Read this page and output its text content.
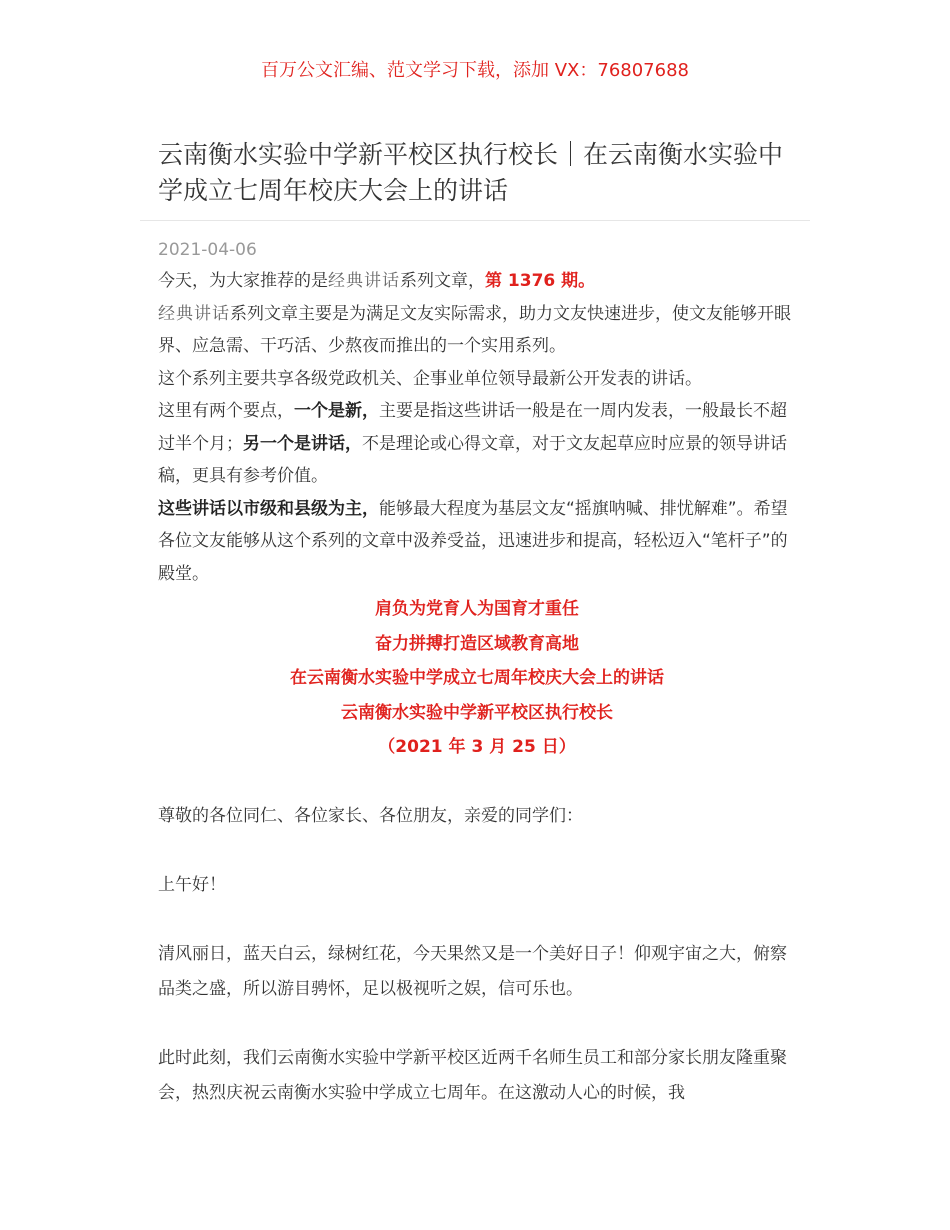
百万公文汇编、范文学习下载，添加 VX：76807688
云南衡水实验中学新平校区执行校长｜在云南衡水实验中学成立七周年校庆大会上的讲话
2021-04-06

今天，为大家推荐的是经典讲话系列文章，第 1376 期。

经典讲话系列文章主要是为满足文友实际需求，助力文友快速进步，使文友能够开眼界、应急需、干巧活、少熬夜而推出的一个实用系列。

这个系列主要共享各级党政机关、企事业单位领导最新公开发表的讲话。

这里有两个要点，一个是新，主要是指这些讲话一般是在一周内发表，一般最长不超过半个月；另一个是讲话，不是理论或心得文章，对于文友起草应时应景的领导讲话稿，更具有参考价值。

这些讲话以市级和县级为主，能够最大程度为基层文友“摇旗呐喊、排忧解难”。希望各位文友能够从这个系列的文章中汲养受益，迅速进步和提高，轻松迈入“笔杆子”的殿堂。

肩负为党育人为国育才重任

奋力拼搏打造区域教育高地

在云南衡水实验中学成立七周年校庆大会上的讲话

云南衡水实验中学新平校区执行校长

（2021 年 3 月 25 日）

尊敬的各位同仁、各位家长、各位朋友，亲爱的同学们：

上午好！

清风丽日，蓝天白云，绿树红花，今天果然又是一个美好日子！仰观宇宙之大，俯察品类之盛，所以游目骋怀，足以极视听之娱，信可乐也。

此时此刻，我们云南衡水实验中学新平校区近两千名师生员工和部分家长朋友隆重聚会，热烈庆祝云南衡水实验中学成立七周年。在这激动人心的时候，我
